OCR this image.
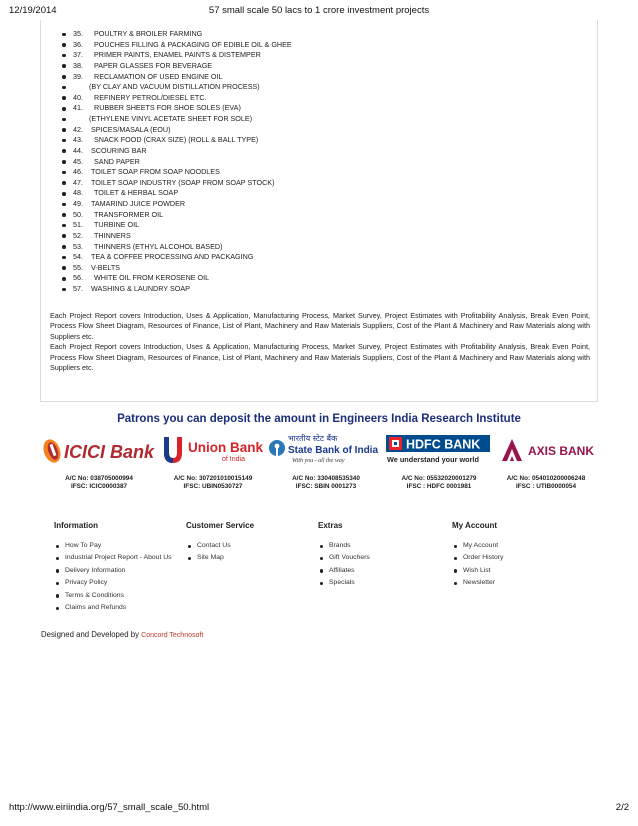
12/19/2014	57 small scale 50 lacs to 1 crore investment projects
35. POULTRY & BROILER FARMING
36. POUCHES FILLING & PACKAGING OF EDIBLE OIL & GHEE
37. PRIMER PAINTS, ENAMEL PAINTS & DISTEMPER
38. PAPER GLASSES FOR BEVERAGE
39. RECLAMATION OF USED ENGINE OIL
(BY CLAY AND VACUUM DISTILLATION PROCESS)
40. REFINERY PETROL/DIESEL ETC.
41. RUBBER SHEETS FOR SHOE SOLES (EVA)
(ETHYLENE VINYL ACETATE SHEET FOR SOLE)
42. SPICES/MASALA (EOU)
43. SNACK FOOD (CRAX SIZE) (ROLL & BALL TYPE)
44. SCOURING BAR
45. SAND PAPER
46. TOILET SOAP FROM SOAP NOODLES
47. TOILET SOAP INDUSTRY (SOAP FROM SOAP STOCK)
48. TOILET & HERBAL SOAP
49. TAMARIND JUICE POWDER
50. TRANSFORMER OIL
51. TURBINE OIL
52. THINNERS
53. THINNERS (ETHYL ALCOHOL BASED)
54. TEA & COFFEE PROCESSING AND PACKAGING
55. V-BELTS
56. WHITE OIL FROM KEROSENE OIL
57. WASHING & LAUNDRY SOAP

Each Project Report covers Introduction, Uses & Application, Manufacturing Process, Market Survey, Project Estimates with Profitability Analysis, Break Even Point, Process Flow Sheet Diagram, Resources of Finance, List of Plant, Machinery and Raw Materials Suppliers, Cost of the Plant & Machinery and Raw Materials along with Suppliers etc.

Each Project Report covers Introduction, Uses & Application, Manufacturing Process, Market Survey, Project Estimates with Profitability Analysis, Break Even Point, Process Flow Sheet Diagram, Resources of Finance, List of Plant, Machinery and Raw Materials Suppliers, Cost of the Plant & Machinery and Raw Materials along with Suppliers etc.

Patrons you can deposit the amount in Engineers India Research Institute
ICICI Bank
A/C No: 038705000994
IFSC: ICIC0000387
Union Bank
of India
A/C No: 307201010015149
IFSC: UBIN0530727
भारतीय स्टेट बैंक
State Bank of India
With you - all the way
A/C No: 330408535340
IFSC: SBIN 0001273
HDFC BANK
We understand your world
A/C No: 05532020001279
IFSC : HDFC 0001981
AXIS BANK
A/C No: 054010200006248
IFSC : UTIB0000054
Information
How To Pay
Industrial Project Report - About Us
Delivery Information
Privacy Policy
Terms & Conditions
Claims and Refunds
Customer Service
Contact Us
Site Map
Extras
Brands
Gift Vouchers
Affiliates
Specials
My Account
My Account
Order History
Wish List
Newsletter
Designed and Developed by Concord Technosoft
http://www.eiriindia.org/57_small_scale_50.html	2/2
